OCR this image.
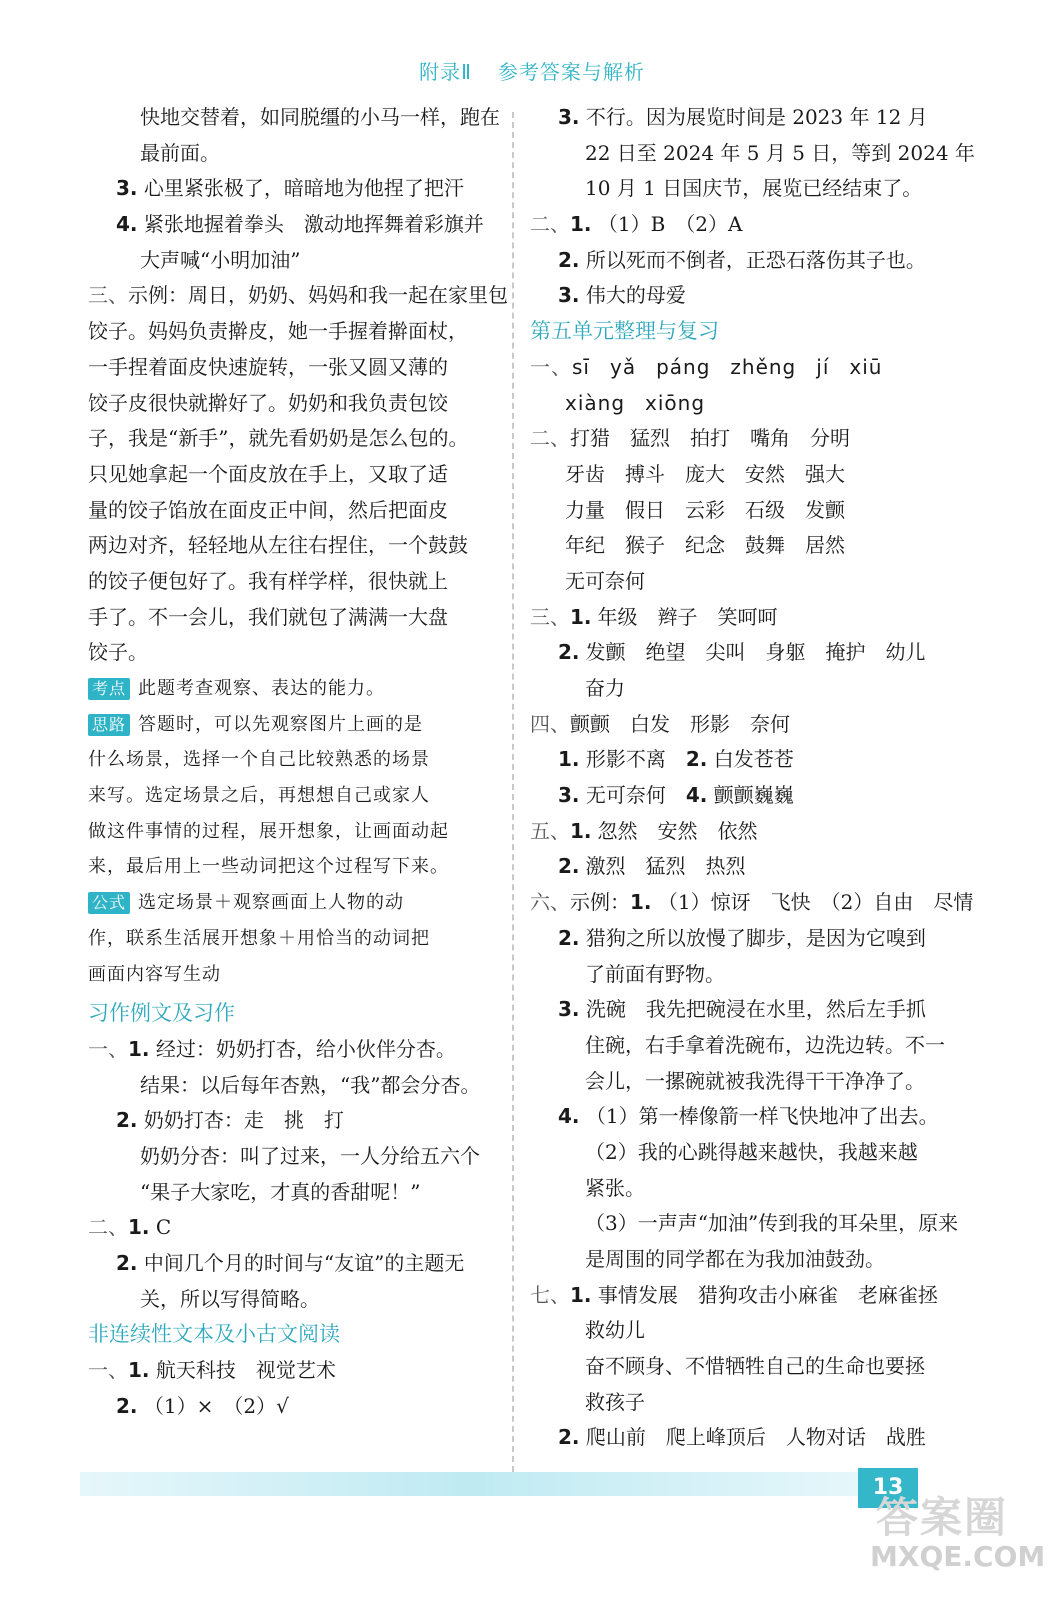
附录Ⅱ 参考答案与解析
快地交替着，如同脱缰的小马一样，跑在
最前面。
3. 心里紧张极了，暗暗地为他捏了把汗
4. 紧张地握着拳头　激动地挥舞着彩旗并
大声喊“小明加油”
三、示例：周日，奶奶、妈妈和我一起在家里包
饺子。妈妈负责擀皮，她一手握着擀面杖，
一手捏着面皮快速旋转，一张又圆又薄的
饺子皮很快就擀好了。奶奶和我负责包饺
子，我是“新手”，就先看奶奶是怎么包的。
只见她拿起一个面皮放在手上，又取了适
量的饺子馅放在面皮正中间，然后把面皮
两边对齐，轻轻地从左往右捏住，一个鼓鼓
的饺子便包好了。我有样学样，很快就上
手了。不一会儿，我们就包了满满一大盘
饺子。
考点 此题考查观察、表达的能力。
思路 答题时，可以先观察图片上画的是
什么场景，选择一个自己比较熟悉的场景
来写。选定场景之后，再想想自己或家人
做这件事情的过程，展开想象，让画面动起
来，最后用上一些动词把这个过程写下来。
公式 选定场景＋观察画面上人物的动
作，联系生活展开想象＋用恰当的动词把
画面内容写生动
习作例文及习作
一、1. 经过：奶奶打杏，给小伙伴分杏。
结果：以后每年杏熟，“我”都会分杏。
2. 奶奶打杏：走　挑　打
奶奶分杏：叫了过来，一人分给五六个
“果子大家吃，才真的香甜呢！”
二、1. C
2. 中间几个月的时间与“友谊”的主题无
关，所以写得简略。
非连续性文本及小古文阅读
一、1. 航天科技　视觉艺术
2. （1）×　（2）√
3. 不行。因为展览时间是 2023 年 12 月
22 日至 2024 年 5 月 5 日，等到 2024 年
10 月 1 日国庆节，展览已经结束了。
二、1. （1）B　（2）A
2. 所以死而不倒者，正恐石落伤其子也。
3. 伟大的母爱
第五单元整理与复习
一、sī yǎ páng zhěng jí xiū
xiàng xiōng
二、打猎 猛烈 拍打 嘴角 分明
牙齿 搏斗 庞大 安然 强大
力量 假日 云彩 石级 发颤
年纪 猴子 纪念 鼓舞 居然
无可奈何
三、1. 年级 辫子 笑呵呵
2. 发颤 绝望 尖叫 身躯 掩护 幼儿
奋力
四、颤颤 白发 形影 奈何
1. 形影不离　 2. 白发苍苍
3. 无可奈何　 4. 颤颤巍巍
五、1. 忽然 安然 依然
2. 激烈 猛烈 热烈
六、示例：1. （1）惊讶　飞快　（2）自由　尽情
2. 猎狗之所以放慢了脚步，是因为它嗅到
了前面有野物。
3. 洗碗　我先把碗浸在水里，然后左手抓
住碗，右手拿着洗碗布，边洗边转。不一
会儿，一摞碗就被我洗得干干净净了。
4. （1）第一棒像箭一样飞快地冲了出去。
（2）我的心跳得越来越快，我越来越
紧张。
（3）一声声“加油”传到我的耳朵里，原来
是周围的同学都在为我加油鼓劲。
七、1. 事情发展　猎狗攻击小麻雀　老麻雀拯
救幼儿
奋不顾身、不惜牺牲自己的生命也要拯
救孩子
2. 爬山前　爬上峰顶后　人物对话　战胜
13
答案圈
MXQE.COM
